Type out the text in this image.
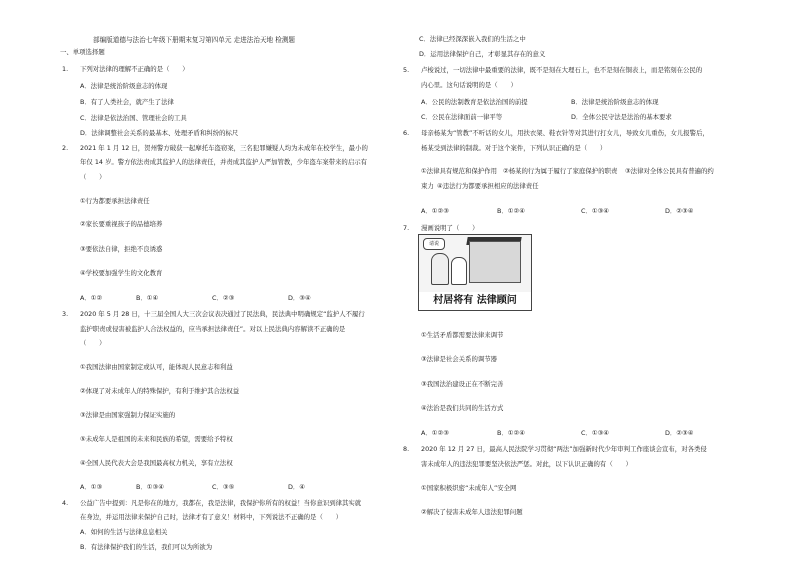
部编版道德与法治七年级下册期末复习第四单元 走进法治天地 检测题
一、单项选择题
1. 下列对法律的理解不正确的是（　　）
A．法律是统治阶级意志的体现
B．有了人类社会，就产生了法律
C．法律是依法治国、管理社会的工具
D．法律调整社会关系的最基本、处理矛盾和纠纷的标尺
2. 2021 年 1 月 12 日，贺州警方破获一起摩托车盗窃案，三名犯罪嫌疑人均为未成年在校学生，最小的
年仅 14 岁。警方依法责成其监护人的法律责任，并责成其监护人严加管教，少年盗车案带来的启示有
（　　）
①行为都要承担法律责任
②家长要重视孩子的品德培养
③要依法自律，拒绝不良诱惑
④学校要加强学生的文化教育
A．①②	B．①④	C．②③	D．③④
3. 2020 年 5 月 28 日，十三届全国人大三次会议表决通过了民法典，民法典中明确规定“监护人不履行
监护职责或侵害被监护人合法权益的，应当承担法律责任”。对以上民法典内容解读不正确的是
（　　）
①我国法律由国家制定或认可，能体现人民意志和利益
②体现了对未成年人的特殊保护，有利于维护其合法权益
③法律是由国家强制力保证实施的
⑤未成年人是祖国的未来和民族的希望，需要给予特权
④全国人民代表大会是我国最高权力机关，享有立法权
A．①③	B．①③④	C．③⑤	D．④
4. 公益广告中提到：凡是你在的地方，我都在，我是法律，我保护你所有的权益！当你意识到律其实就
在身边，并运用法律来保护自己时，法律才有了意义！材料中，下列说法不正确的是（　　）
A．如何的生活与法律息息相关
B．有法律保护我们的生活，我们可以为所欲为
C．法律已经深深嵌入我们的生活之中
D．运用法律保护自己，才彰显其存在的意义
5. 卢梭说过，一切法律中最重要的法律，既不是刻在大理石上，也不是刻在铜表上，而是铭刻在公民的
内心里。这句话说明的是（　　）
A．公民的法制教育是依法治国的前提	B．法律是统治阶级意志的体现
C．公民在法律面前一律平等	D．全体公民守法是法治的基本要求
6. 母亲杨某为“管教”不听话的女儿，用扶衣架、鞋衣针等对其进行打女儿，导致女儿重伤，女儿报警后，
杨某受到法律的制裁。对于这个案件，下列认识正确的是（　　）
①法律具有规范和保护作用 ②杨某的行为属于履行了家庭保护的职责 ③法律对全体公民具有普遍的约
束力 ④违法行为都要承担相应的法律责任
A．①②③	B．①②④	C．①③④	D．②③④
7. 漫画说明了（　　）
①生活矛盾都需要法律来调节
③法律是社会关系的调节器
③我国法治建设正在不断完善
④法治是我们共同的生活方式
A．①②③	B．①②④	C．①③④	D．②③④
8. 2020 年 12 月 27 日，最高人民法院学习贯彻“两法”加强新时代少年审判工作座谈会宣布，对各类侵
害未成年人的违法犯罪要坚决依法严惩。对此，以下认识正确的有（　　）
①国家积极织密“未成年人”安全网
②解决了侵害未成年人违法犯罪问题
请说
村居将有 法律顾问
